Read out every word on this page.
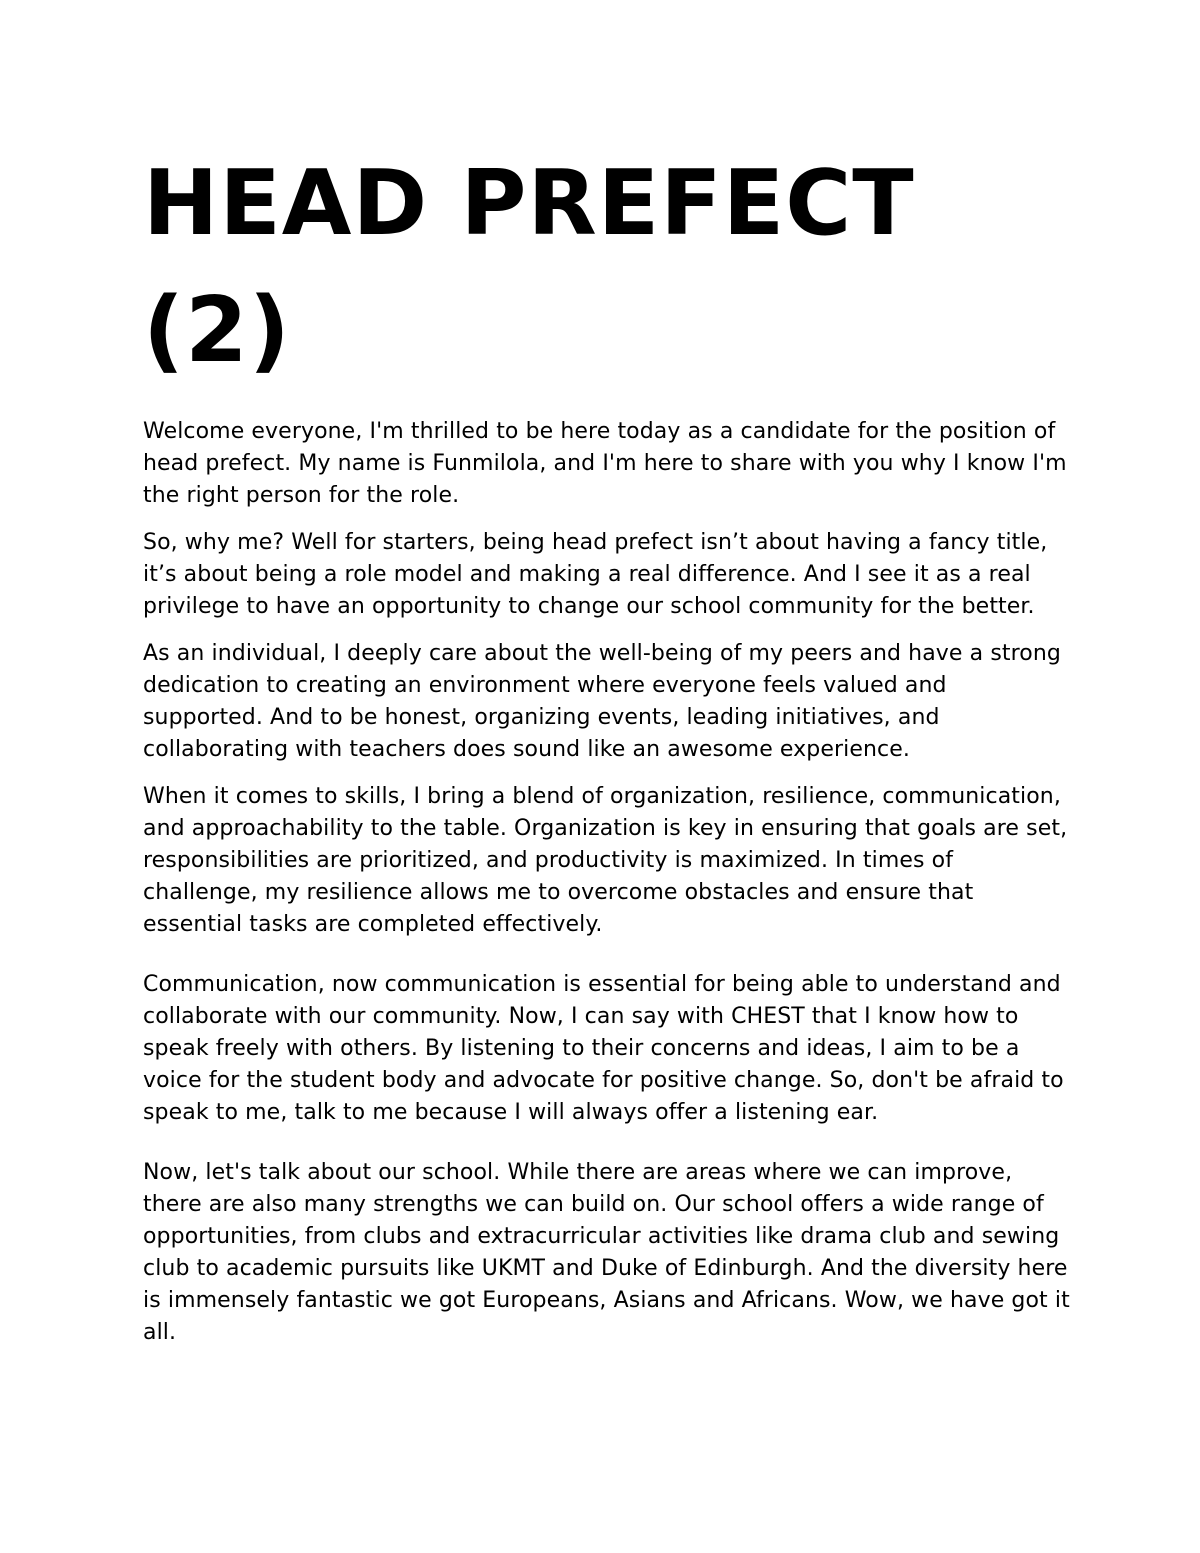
HEAD PREFECT
(2)

Welcome everyone, I'm thrilled to be here today as a candidate for the position of head prefect. My name is Funmilola, and I'm here to share with you why I know I'm the right person for the role.

So, why me? Well for starters, being head prefect isn’t about having a fancy title, it’s about being a role model and making a real difference. And I see it as a real privilege to have an opportunity to change our school community for the better.

As an individual, I deeply care about the well-being of my peers and have a strong dedication to creating an environment where everyone feels valued and supported. And to be honest, organizing events, leading initiatives, and collaborating with teachers does sound like an awesome experience.

When it comes to skills, I bring a blend of organization, resilience, communication, and approachability to the table. Organization is key in ensuring that goals are set, responsibilities are prioritized, and productivity is maximized. In times of challenge, my resilience allows me to overcome obstacles and ensure that essential tasks are completed effectively.

Communication, now communication is essential for being able to understand and collaborate with our community. Now, I can say with CHEST that I know how to speak freely with others. By listening to their concerns and ideas, I aim to be a voice for the student body and advocate for positive change. So, don't be afraid to speak to me, talk to me because I will always offer a listening ear.

Now, let's talk about our school. While there are areas where we can improve, there are also many strengths we can build on. Our school offers a wide range of opportunities, from clubs and extracurricular activities like drama club and sewing club to academic pursuits like UKMT and Duke of Edinburgh. And the diversity here is immensely fantastic we got Europeans, Asians and Africans. Wow, we have got it all.
